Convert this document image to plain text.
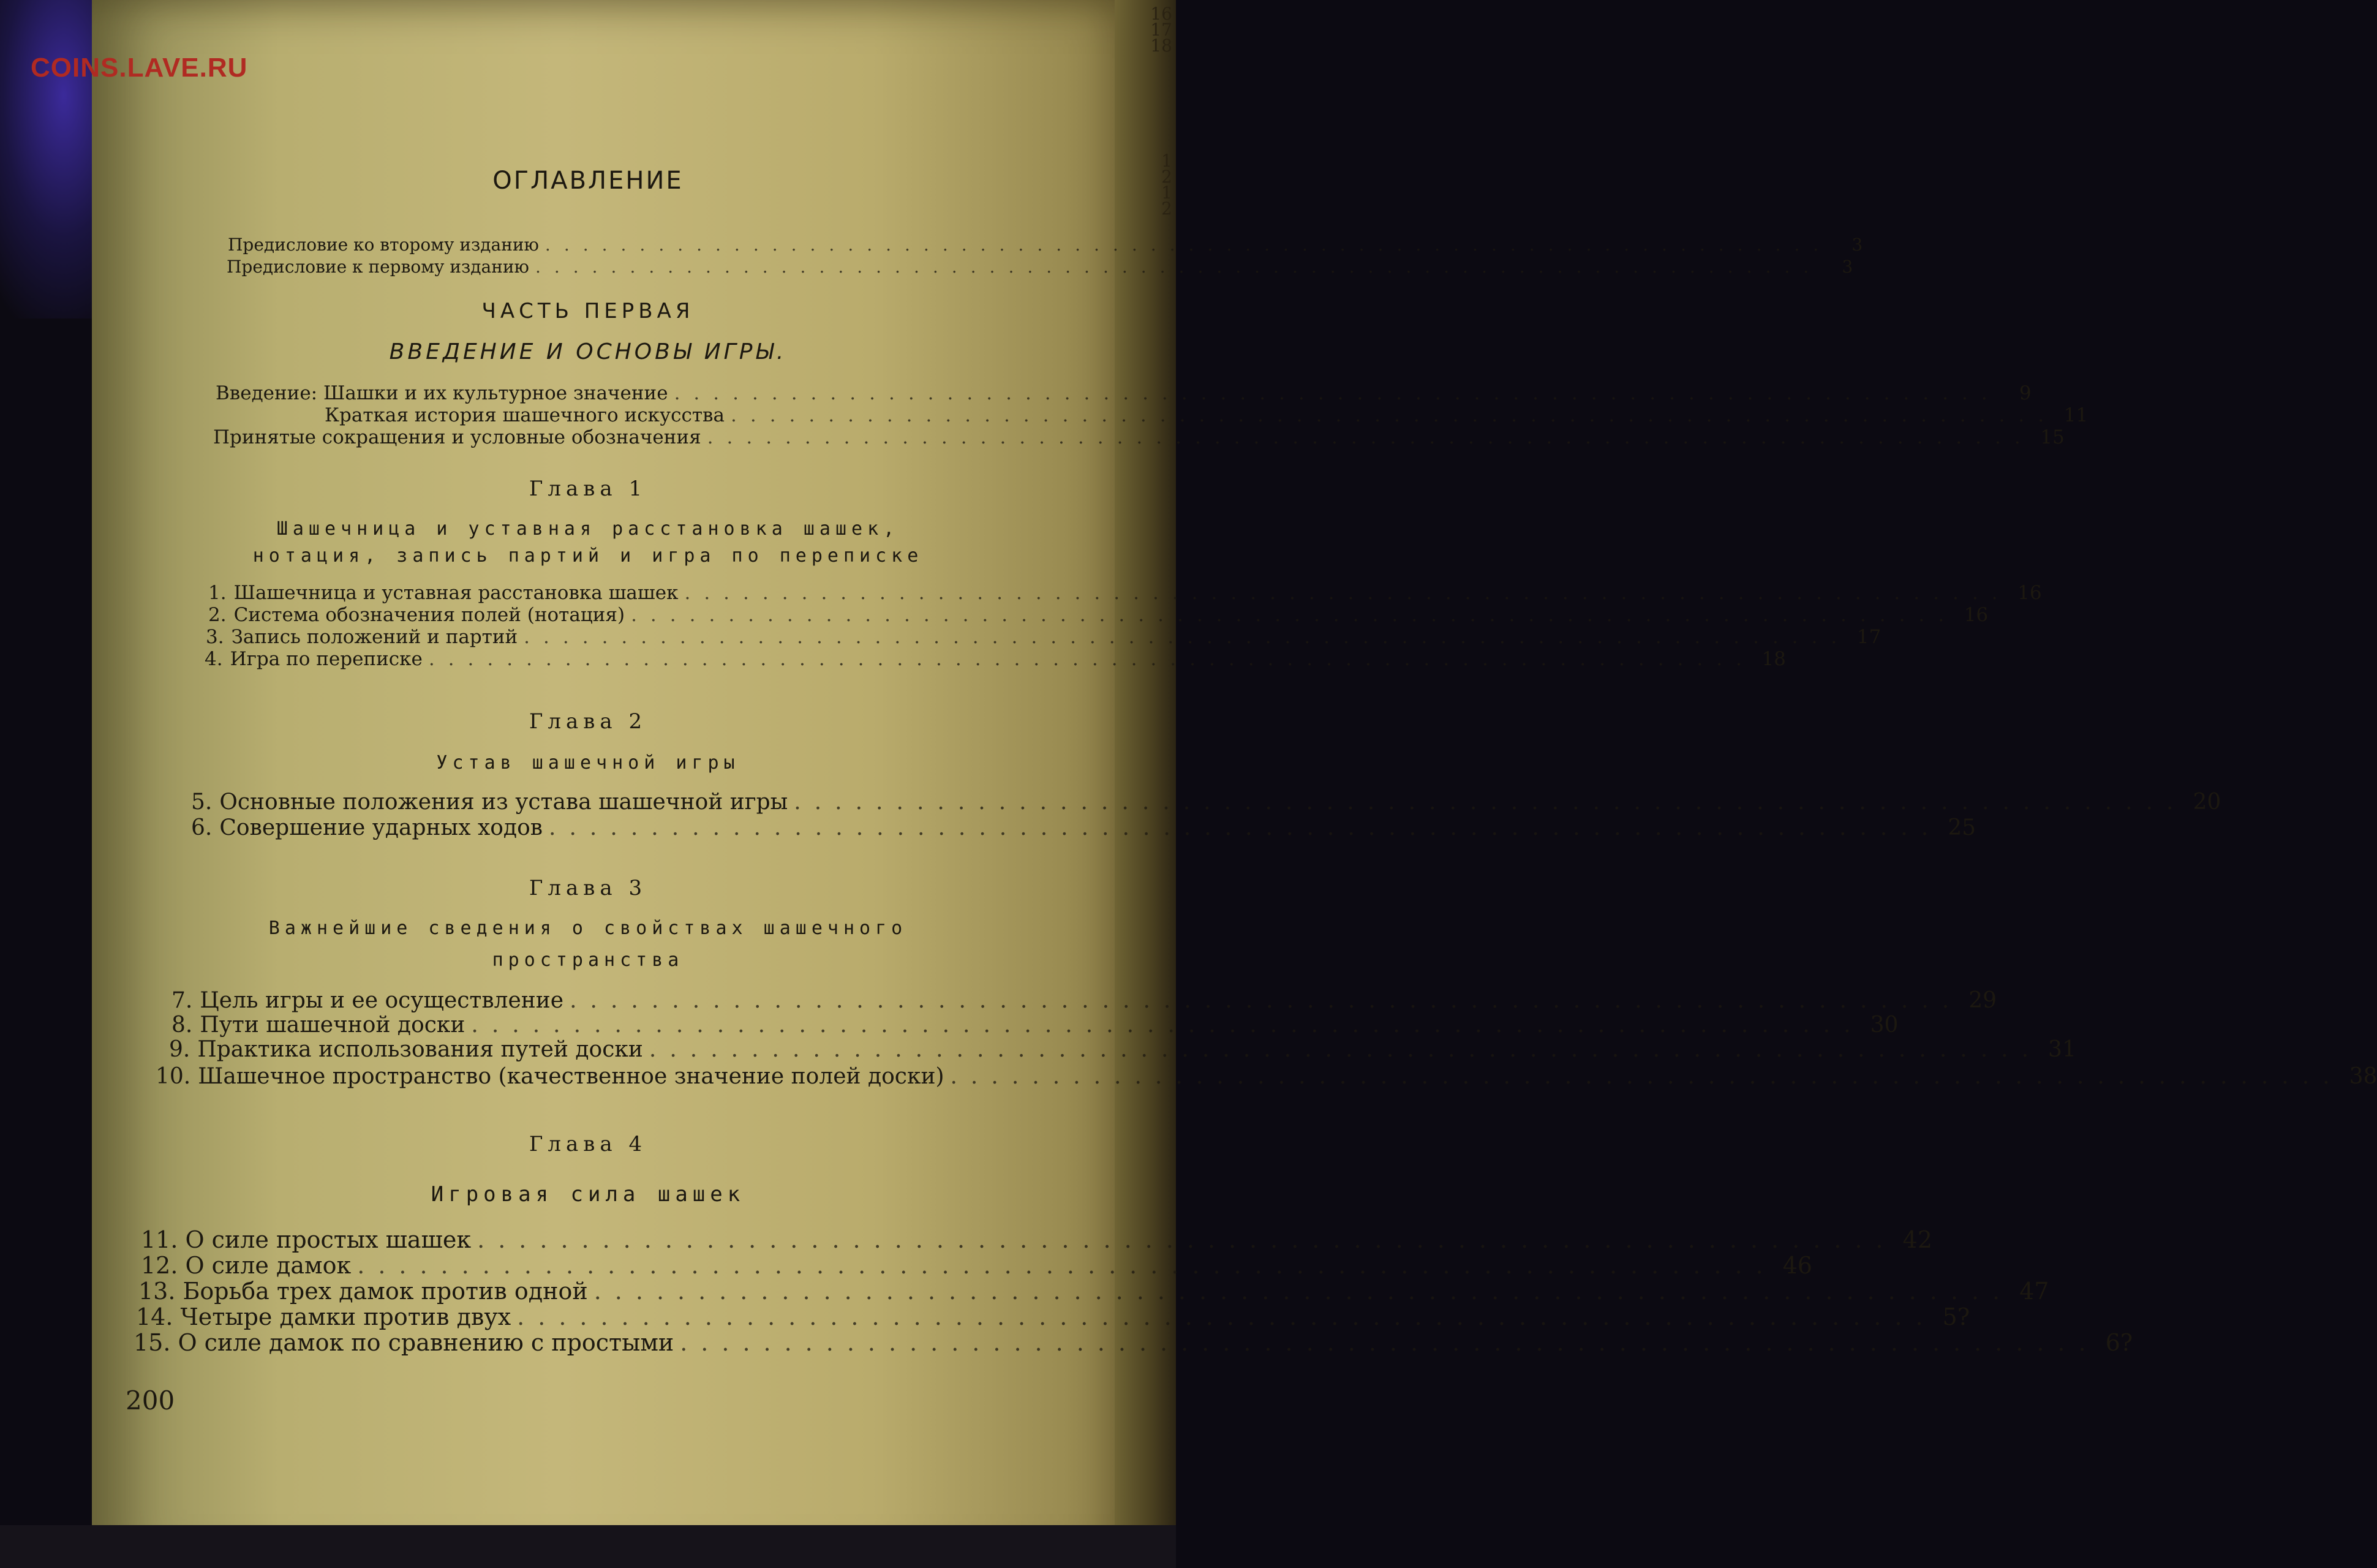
16
17
18
1
2
1
2
COINS.LAVE.RU
ОГЛАВЛЕНИЕ
Предисловие ко второму изданию ....................................................................	3
Предисловие к первому изданию ....................................................................	3
ЧАСТЬ ПЕРВАЯ
ВВЕДЕНИЕ И ОСНОВЫ ИГРЫ.
Введение: Шашки и их культурное значение .................................................................... 9
Краткая история шашечного искусства .................................................................... 11
Принятые сокращения и условные обозначения .................................................................... 15
Глава 1
Шашечница и уставная расстановка шашек,
нотация, запись партий и игра по переписке
1. Шашечница и уставная расстановка шашек .................................................................... 16
2. Система обозначения полей (нотация) .................................................................... 16
3. Запись положений и партий .................................................................... 17
4. Игра по переписке .................................................................... 18
Глава 2
Устав шашечной игры
5. Основные положения из устава шашечной игры .................................................................... 20
6. Совершение ударных ходов .................................................................... 25
Глава 3
Важнейшие сведения о свойствах шашечного
пространства
7. Цель игры и ее осуществление .................................................................... 29
8. Пути шашечной доски .................................................................... 30
9. Практика использования путей доски .................................................................... 31
10. Шашечное пространство (качественное значение полей доски) .................................................................... 38
Глава 4
Игровая сила шашек
11. О силе простых шашек .................................................................... 42
12. О силе дамок .................................................................... 46
13. Борьба трех дамок против одной .................................................................... 47
14. Четыре дамки против двух .................................................................... 5?
15. О силе дамок по сравнению с простыми .................................................................... 6?
200
